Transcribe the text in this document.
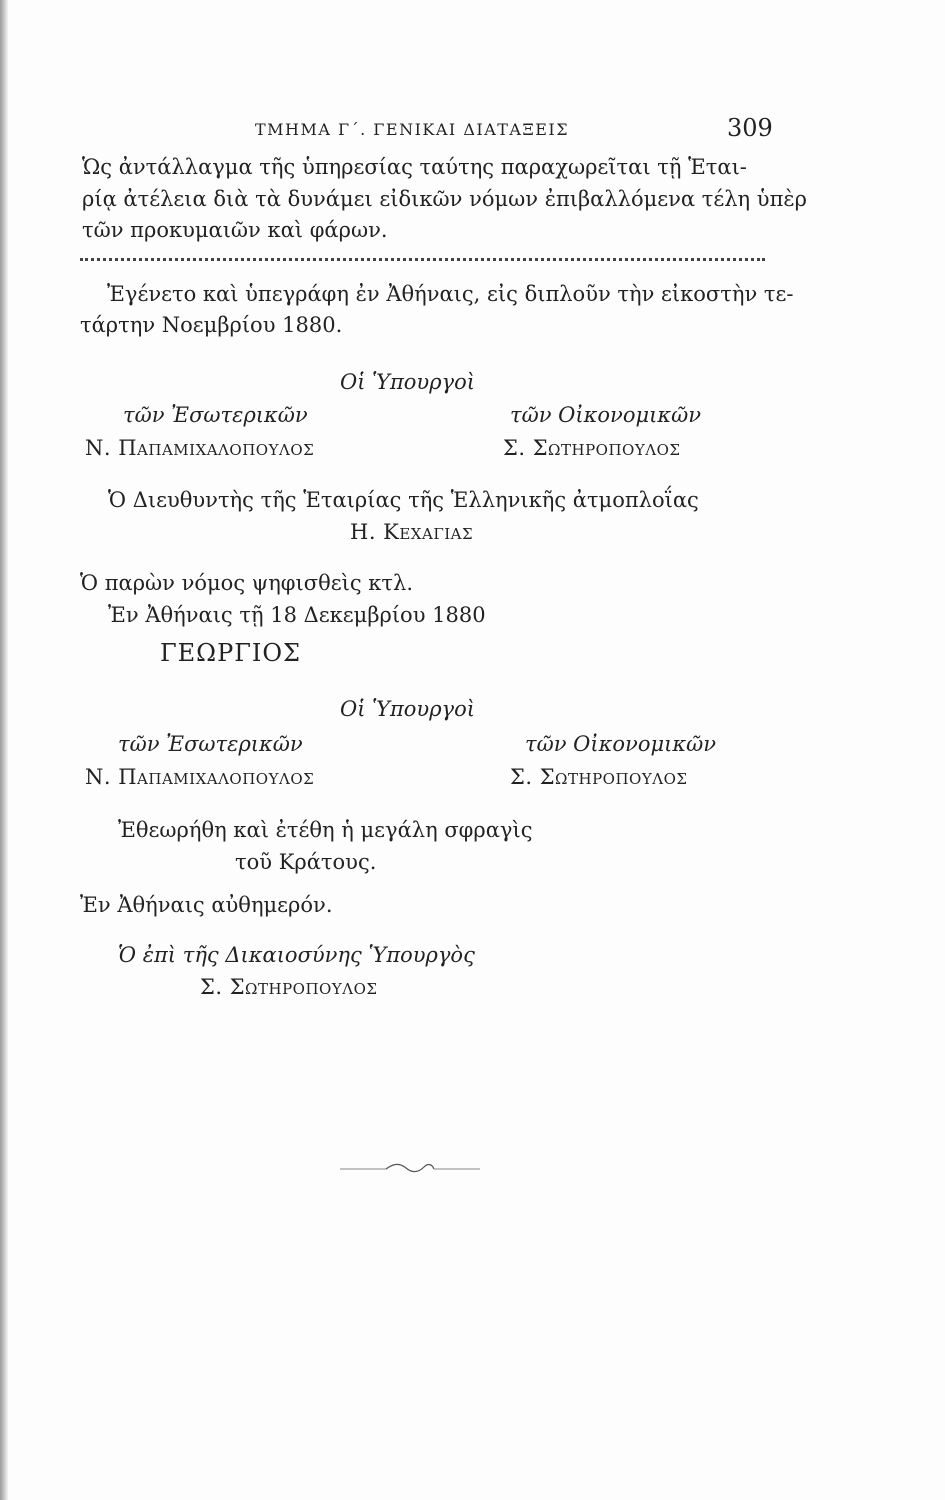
ΤΜΗΜΑ Γ΄. ΓΕΝΙΚΑΙ ΔΙΑΤΑΞΕΙΣ	309
Ὡς ἀντάλλαγμα τῆς ὑπηρεσίας ταύτης παραχωρεῖται τῇ Ἑται-
ρίᾳ ἀτέλεια διὰ τὰ δυνάμει εἰδικῶν νόμων ἐπιβαλλόμενα τέλη ὑπὲρ
τῶν προκυμαιῶν καὶ φάρων.
Ἐγένετο καὶ ὑπεγράφη ἐν Ἀθήναις, εἰς διπλοῦν τὴν εἰκοστὴν τε-
τάρτην Νοεμβρίου 1880.
Οἱ Ὑπουργοὶ
τῶν Ἐσωτερικῶν	τῶν Οἰκονομικῶν
Ν. Παπαμιχαλοπουλος	Σ. Σωτηροπουλος
Ὁ Διευθυντὴς τῆς Ἑταιρίας τῆς Ἑλληνικῆς ἀτμοπλοΐας
Η. Κεχαγιας
Ὁ παρὼν νόμος ψηφισθεὶς κτλ.
Ἐν Ἀθήναις τῇ 18 Δεκεμβρίου 1880
ΓΕΩΡΓΙΟΣ
Οἱ Ὑπουργοὶ
τῶν Ἐσωτερικῶν	τῶν Οἰκονομικῶν
Ν. Παπαμιχαλοπουλος	Σ. Σωτηροπουλος
Ἐθεωρήθη καὶ ἐτέθη ἡ μεγάλη σφραγὶς
τοῦ Κράτους.
Ἐν Ἀθήναις αὐθημερόν.
Ὁ ἐπὶ τῆς Δικαιοσύνης Ὑπουργὸς
Σ. Σωτηροπουλος
